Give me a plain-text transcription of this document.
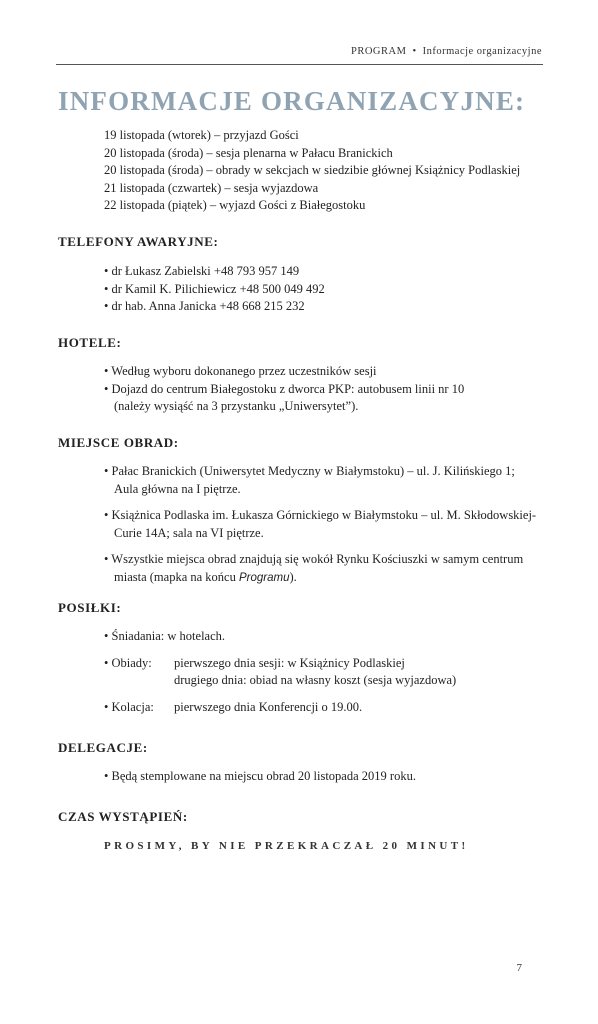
PROGRAM • Informacje organizacyjne
INFORMACJE ORGANIZACYJNE:
19 listopada (wtorek) – przyjazd Gości
20 listopada (środa) – sesja plenarna w Pałacu Branickich
20 listopada (środa) – obrady w sekcjach w siedzibie głównej Książnicy Podlaskiej
21 listopada (czwartek) – sesja wyjazdowa
22 listopada (piątek) – wyjazd Gości z Białegostoku
TELEFONY AWARYJNE:
• dr Łukasz Zabielski +48 793 957 149
• dr Kamil K. Pilichiewicz +48 500 049 492
• dr hab. Anna Janicka +48 668 215 232
HOTELE:
• Według wyboru dokonanego przez uczestników sesji
• Dojazd do centrum Białegostoku z dworca PKP: autobusem linii nr 10
(należy wysiąść na 3 przystanku „Uniwersytet”).
MIEJSCE OBRAD:
• Pałac Branickich (Uniwersytet Medyczny w Białymstoku) – ul. J. Kilińskiego 1;
Aula główna na I piętrze.
• Książnica Podlaska im. Łukasza Górnickiego w Białymstoku – ul. M. Skłodowskiej-
Curie 14A; sala na VI piętrze.
• Wszystkie miejsca obrad znajdują się wokół Rynku Kościuszki w samym centrum
miasta (mapka na końcu Programu).
POSIŁKI:
• Śniadania: w hotelach.
• Obiady:	pierwszego dnia sesji: w Książnicy Podlaskiej
drugiego dnia: obiad na własny koszt (sesja wyjazdowa)
• Kolacja:	pierwszego dnia Konferencji o 19.00.
DELEGACJE:
• Będą stemplowane na miejscu obrad 20 listopada 2019 roku.
CZAS WYSTĄPIEŃ:
PROSIMY, BY NIE PRZEKRACZAŁ 20 MINUT!
7
